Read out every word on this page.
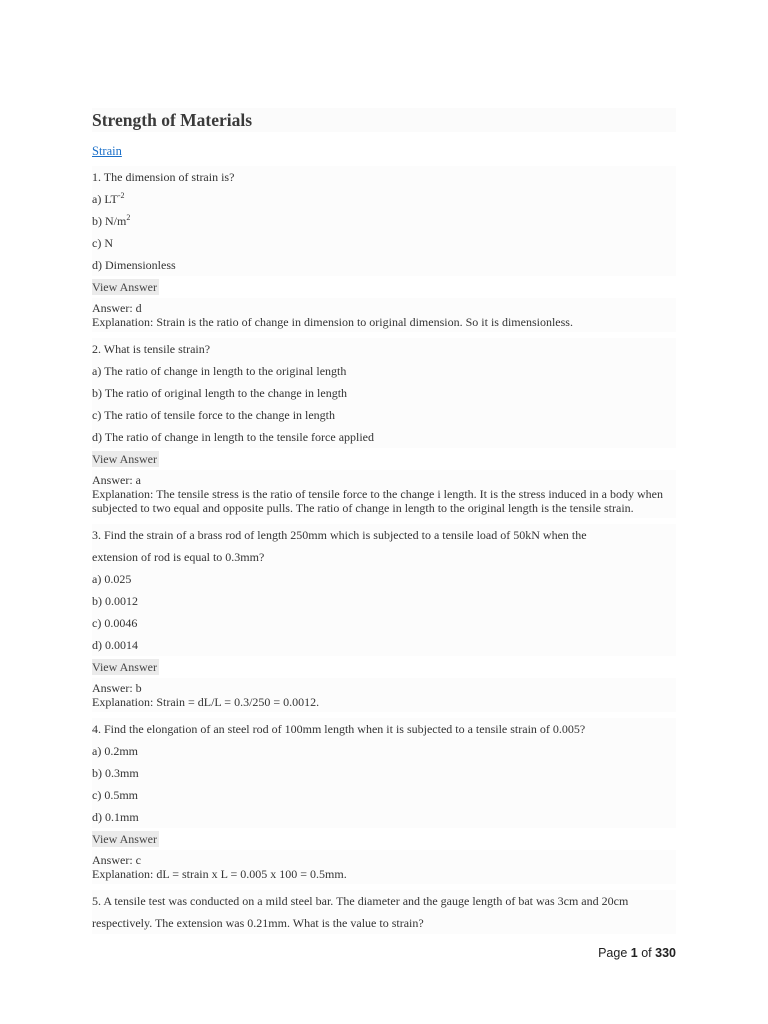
Strength of Materials
Strain
1. The dimension of strain is?
a) $LT^{-2}$
b) $N/m^2$
c) N
d) Dimensionless
View Answer
Answer: d
Explanation: Strain is the ratio of change in dimension to original dimension. So it is dimensionless.
2. What is tensile strain?
a) The ratio of change in length to the original length
b) The ratio of original length to the change in length
c) The ratio of tensile force to the change in length
d) The ratio of change in length to the tensile force applied
View Answer
Answer: a
Explanation: The tensile stress is the ratio of tensile force to the change i length. It is the stress induced in a body when subjected to two equal and opposite pulls. The ratio of change in length to the original length is the tensile strain.
3. Find the strain of a brass rod of length 250mm which is subjected to a tensile load of 50kN when the
extension of rod is equal to 0.3mm?
a) 0.025
b) 0.0012
c) 0.0046
d) 0.0014
View Answer
Answer: b
Explanation: Strain = dL/L = 0.3/250 = 0.0012.
4. Find the elongation of an steel rod of 100mm length when it is subjected to a tensile strain of 0.005?
a) 0.2mm
b) 0.3mm
c) 0.5mm
d) 0.1mm
View Answer
Answer: c
Explanation: dL = strain x L = 0.005 x 100 = 0.5mm.
5. A tensile test was conducted on a mild steel bar. The diameter and the gauge length of bat was 3cm and 20cm
respectively. The extension was 0.21mm. What is the value to strain?
Page 1 of 330
